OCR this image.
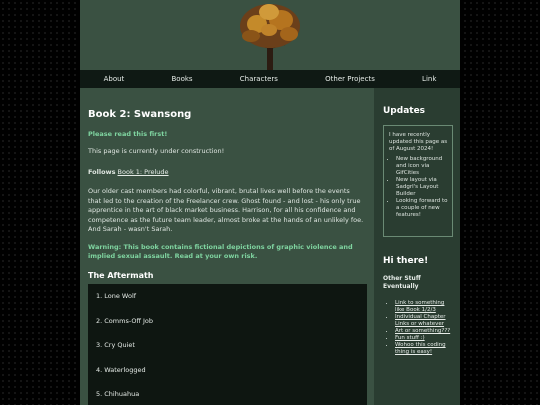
About	Books	Characters	Other Projects	Link
Book 2: Swansong
Please read this first!

This page is currently under construction!

Follows Book 1: Prelude

Our older cast members had colorful, vibrant, brutal lives well before the events that led to the creation of the Freelancer crew. Ghost found - and lost - his only true apprentice in the art of black market business. Harrison, for all his confidence and competence as the future team leader, almost broke at the hands of an unlikely foe. And Sarah - wasn't Sarah.

Warning: This book contains fictional depictions of graphic violence and implied sexual assault. Read at your own risk.
The Aftermath
1. Lone Wolf
2. Comms-Off Job
3. Cry Quiet
4. Waterlogged
5. Chihuahua
Updates

I have recently updated this page as of August 2024!

• New background and icon via GifCities
• New layout via Sadgrl's Layout Builder
• Looking forward to a couple of new features!
Hi there!
Other Stuff Eventually
• Link to something like Book 1/2/3
• Individual Chapter Links or whatever
• Art or something???
• Fun stuff :)
• Wohoo this coding thing is easy!
